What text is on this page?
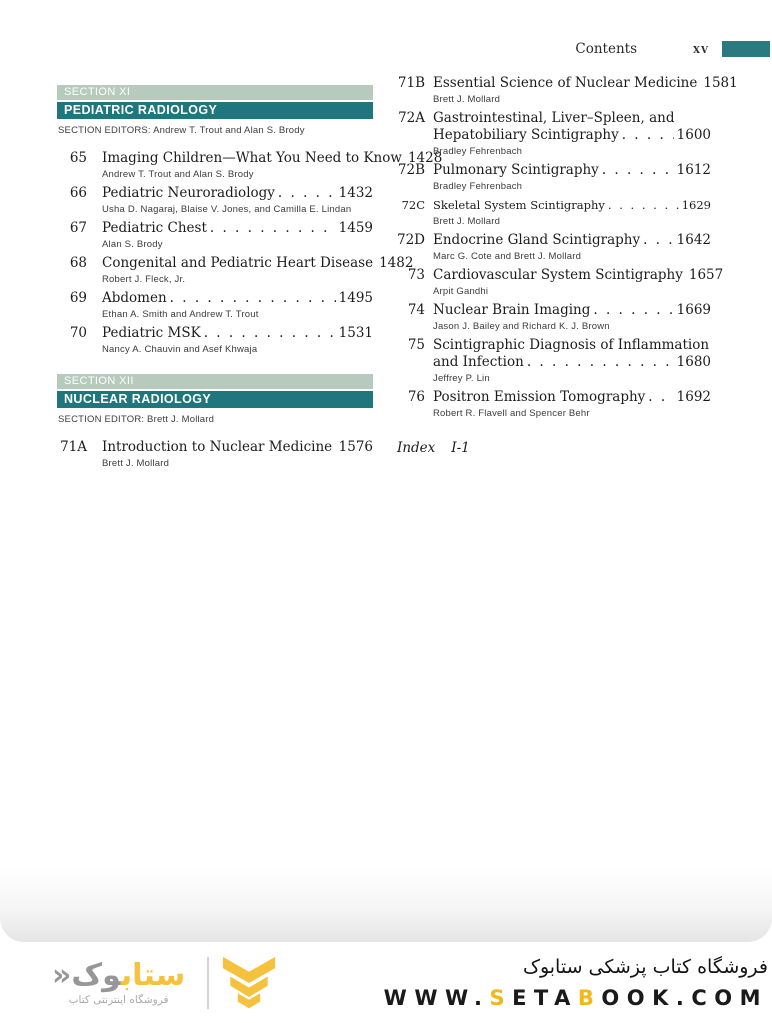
Contents	xv
SECTION XI
PEDIATRIC RADIOLOGY
SECTION EDITORS: Andrew T. Trout and Alan S. Brody
65 Imaging Children—What You Need to Know 1428
Andrew T. Trout and Alan S. Brody
66 Pediatric Neuroradiology . . .	1432
Usha D. Nagaraj, Blaise V. Jones, and Camilla E. Lindan
67 Pediatric Chest . . .	1459
Alan S. Brody
68 Congenital and Pediatric Heart Disease 1482
Robert J. Fleck, Jr.
69 Abdomen . . .	1495
Ethan A. Smith and Andrew T. Trout
70 Pediatric MSK . . .	1531
Nancy A. Chauvin and Asef Khwaja
SECTION XII
NUCLEAR RADIOLOGY
SECTION EDITOR: Brett J. Mollard
71A Introduction to Nuclear Medicine . . . 1576
Brett J. Mollard
71B Essential Science of Nuclear Medicine 1581
Brett J. Mollard
72A Gastrointestinal, Liver–Spleen, and
Hepatobiliary Scintigraphy . . .	1600
Bradley Fehrenbach
72B Pulmonary Scintigraphy . . .	1612
Bradley Fehrenbach
72C Skeletal System Scintigraphy . . .	1629
Brett J. Mollard
72D Endocrine Gland Scintigraphy . . .	1642
Marc G. Cote and Brett J. Mollard
73 Cardiovascular System Scintigraphy 1657
Arpit Gandhi
74 Nuclear Brain Imaging . . .	1669
Jason J. Bailey and Richard K. J. Brown
75 Scintigraphic Diagnosis of Inflammation
and Infection . . .	1680
Jeffrey P. Lin
76 Positron Emission Tomography . . . 1692
Robert R. Flavell and Spencer Behr
Index I-1
ستابوک«
فروشگاه اینترنتی کتاب
فروشگاه کتاب پزشکی ستابوک
WWW.SETABOOK.COM
